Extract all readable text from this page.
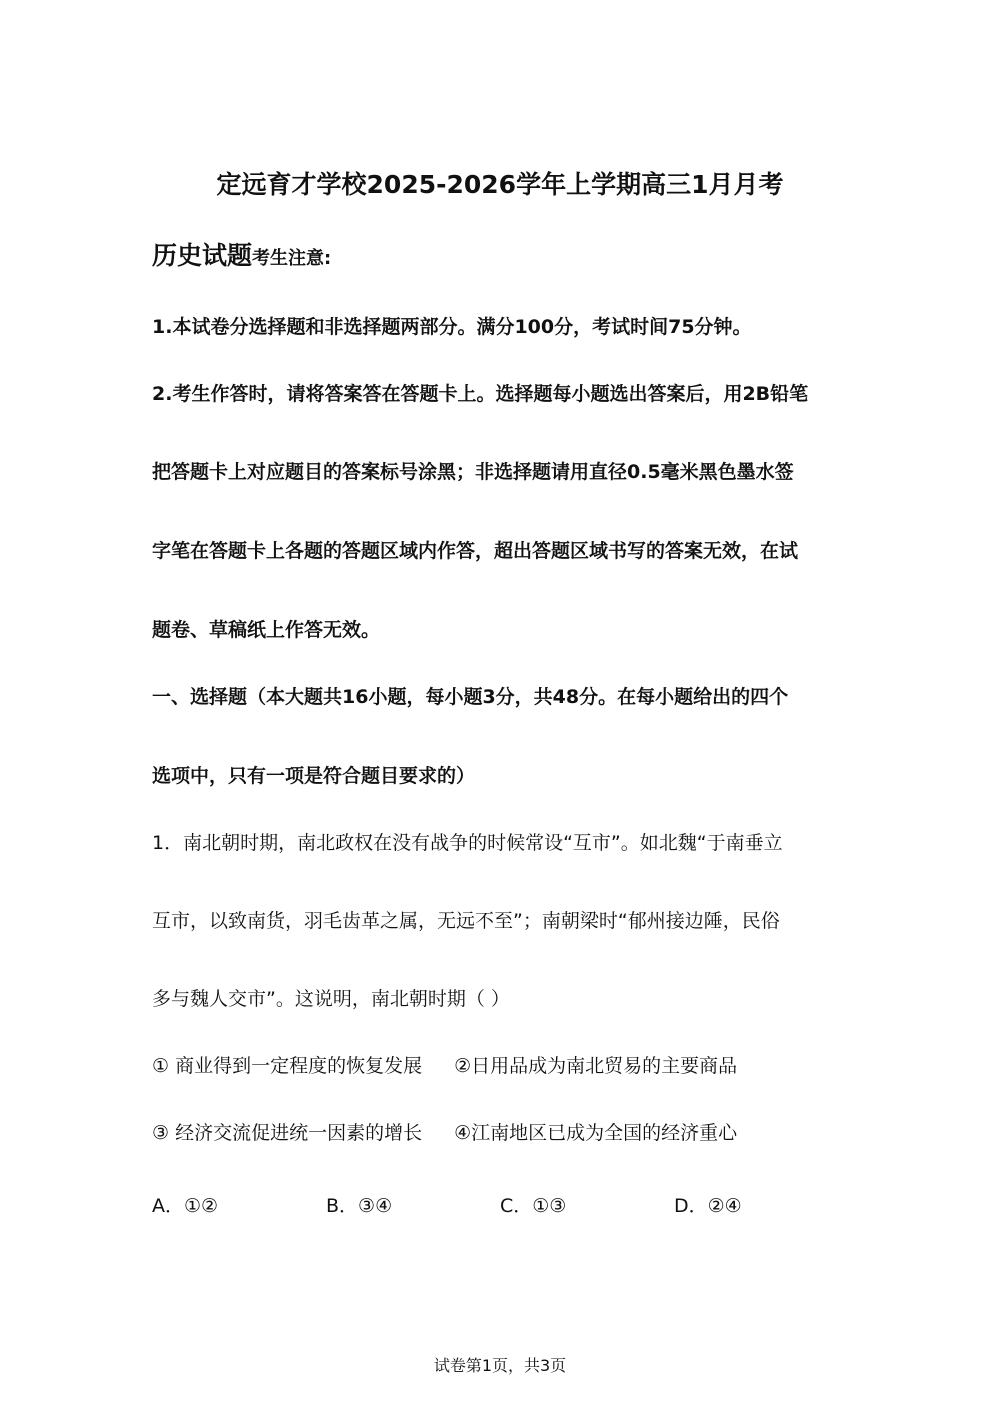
定远育才学校2025-2026学年上学期高三1月月考
历史试题考生注意:
1.本试卷分选择题和非选择题两部分。满分100分，考试时间75分钟。
2.考生作答时，请将答案答在答题卡上。选择题每小题选出答案后，用2B铅笔
把答题卡上对应题目的答案标号涂黑；非选择题请用直径0.5毫米黑色墨水签
字笔在答题卡上各题的答题区域内作答，超出答题区域书写的答案无效，在试
题卷、草稿纸上作答无效。
一、选择题（本大题共16小题，每小题3分，共48分。在每小题给出的四个
选项中，只有一项是符合题目要求的）
1．南北朝时期，南北政权在没有战争的时候常设“互市”。如北魏“于南垂立
互市，以致南货，羽毛齿革之属，无远不至”；南朝梁时“郁州接边陲，民俗
多与魏人交市”。这说明，南北朝时期（ ）
① 商业得到一定程度的恢复发展 ②日用品成为南北贸易的主要商品
③ 经济交流促进统一因素的增长 ④江南地区已成为全国的经济重心
A．①②	B．③④	C．①③	D．②④
试卷第1页，共3页
